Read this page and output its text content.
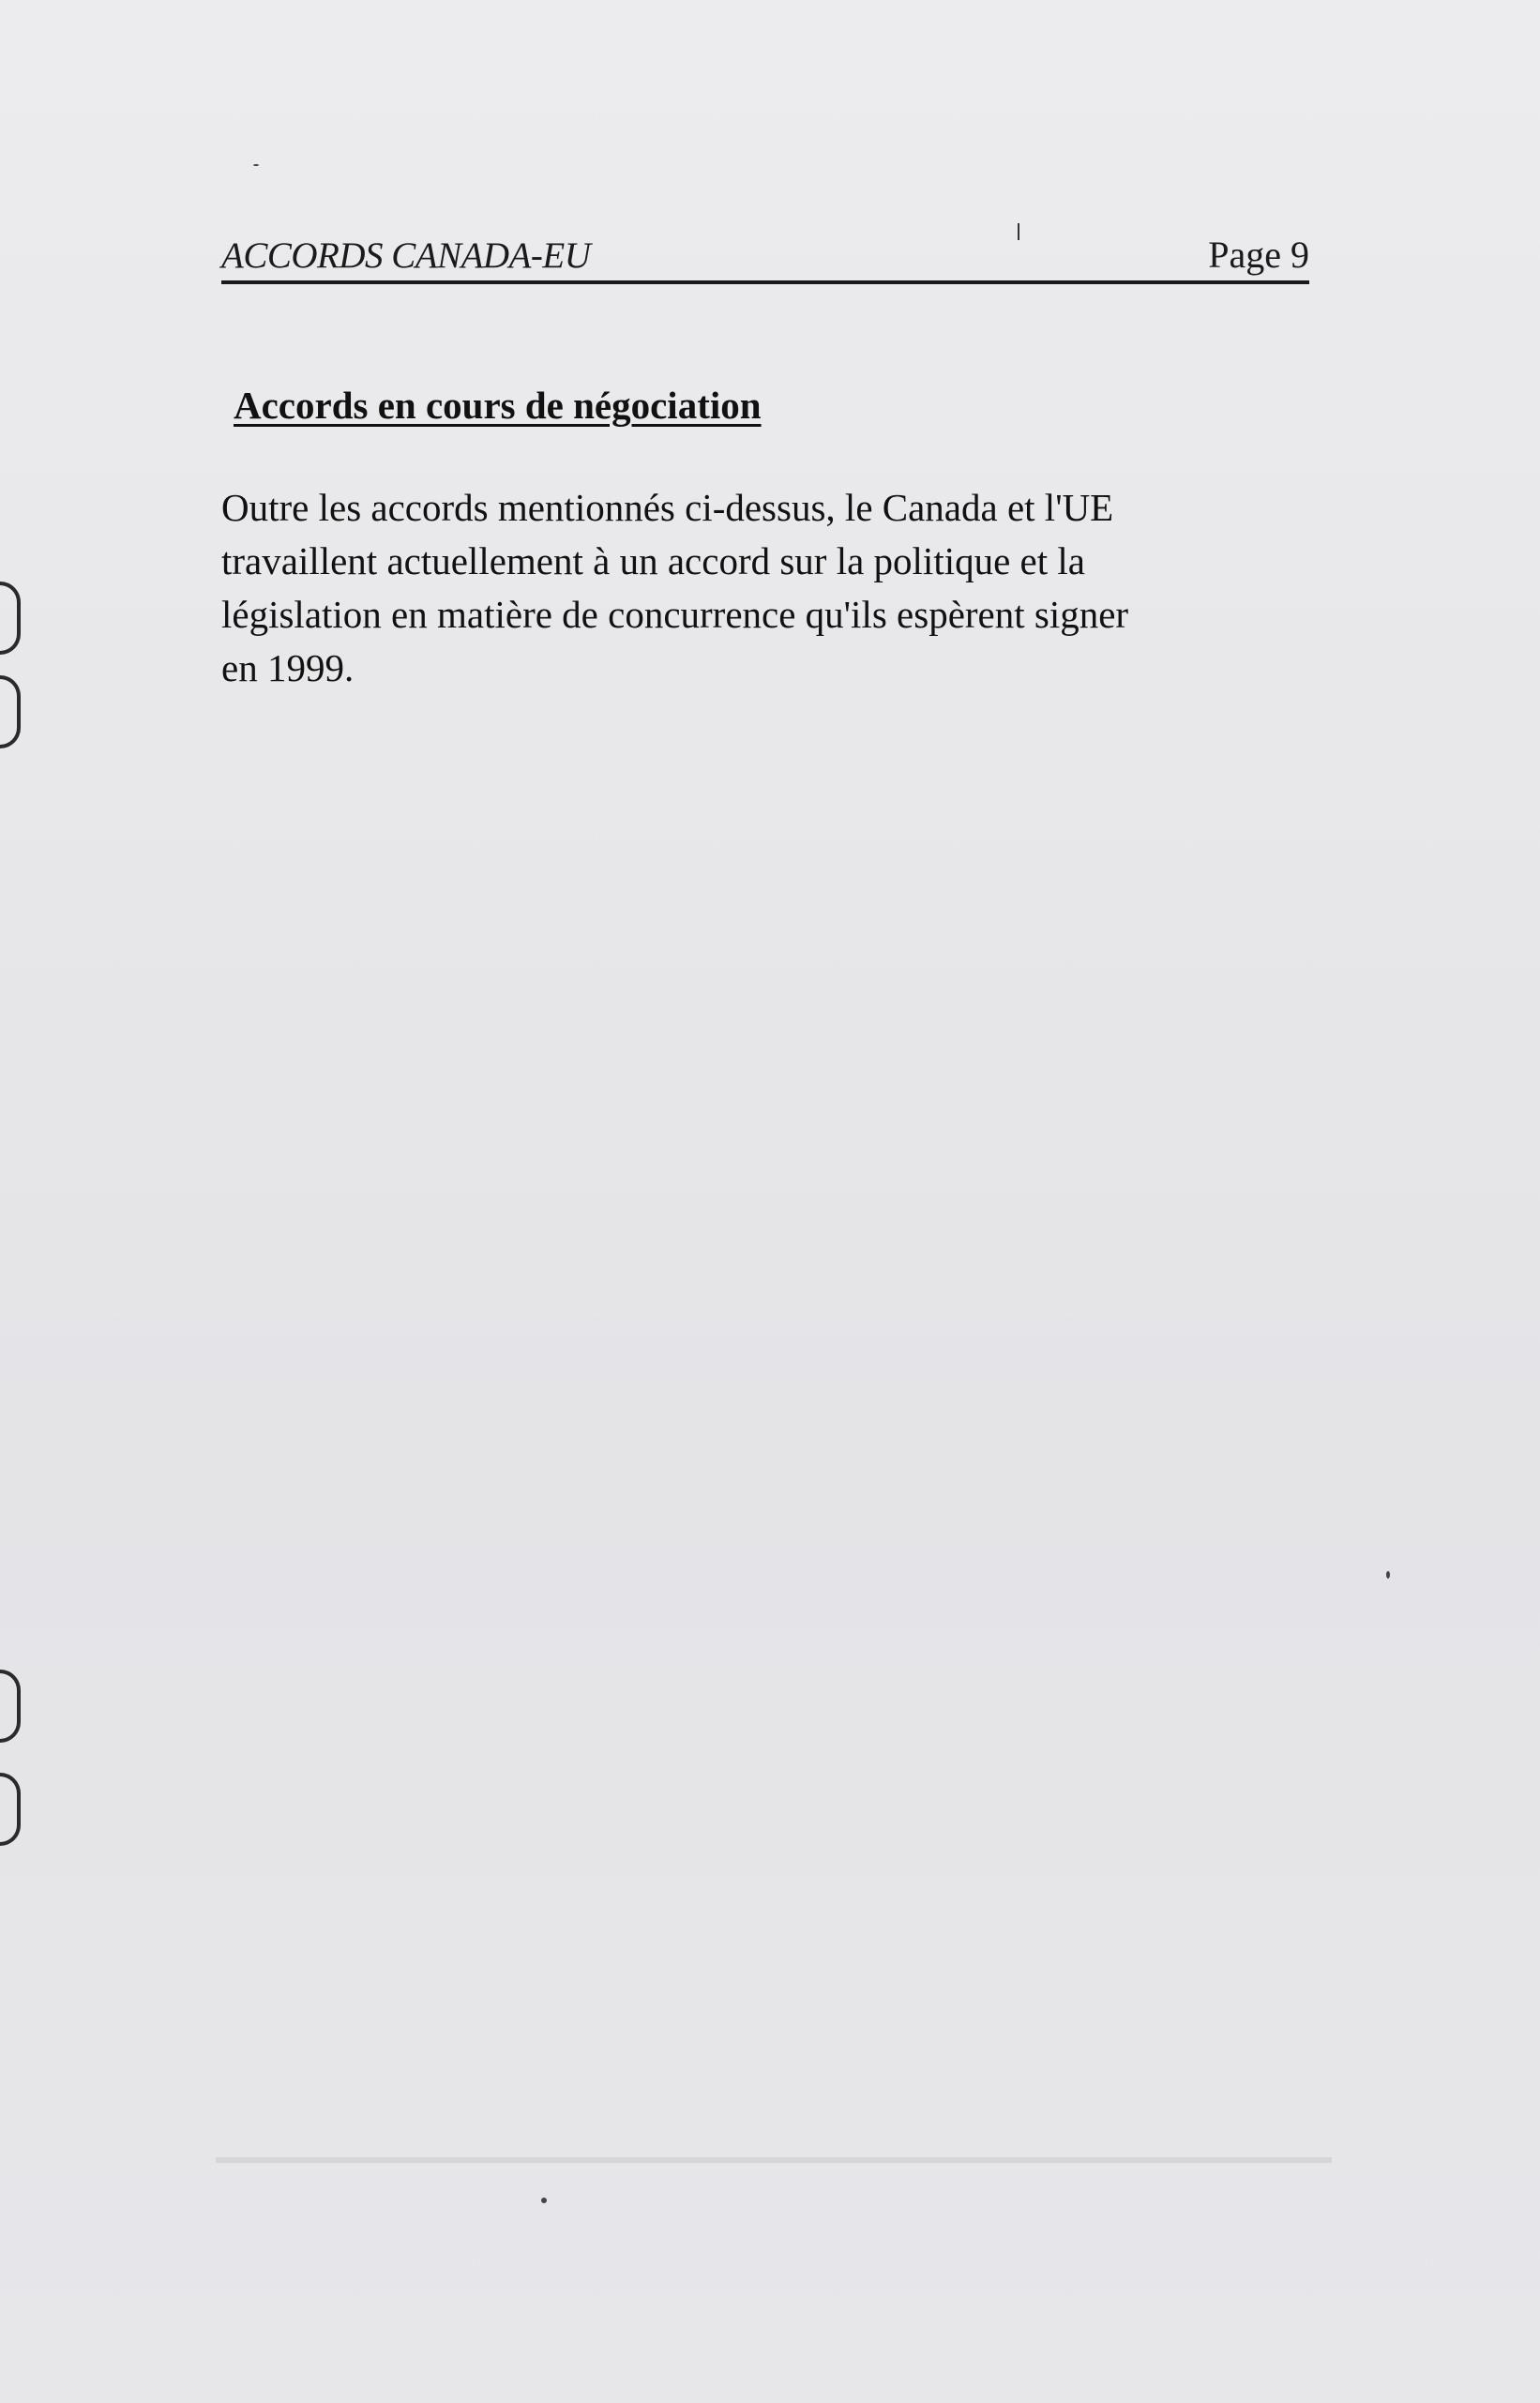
ACCORDS CANADA-EU	Page 9
Accords en cours de négociation

Outre les accords mentionnés ci-dessus, le Canada et l'UE

travaillent actuellement à un accord sur la politique et la

législation en matière de concurrence qu'ils espèrent signer

en 1999.
